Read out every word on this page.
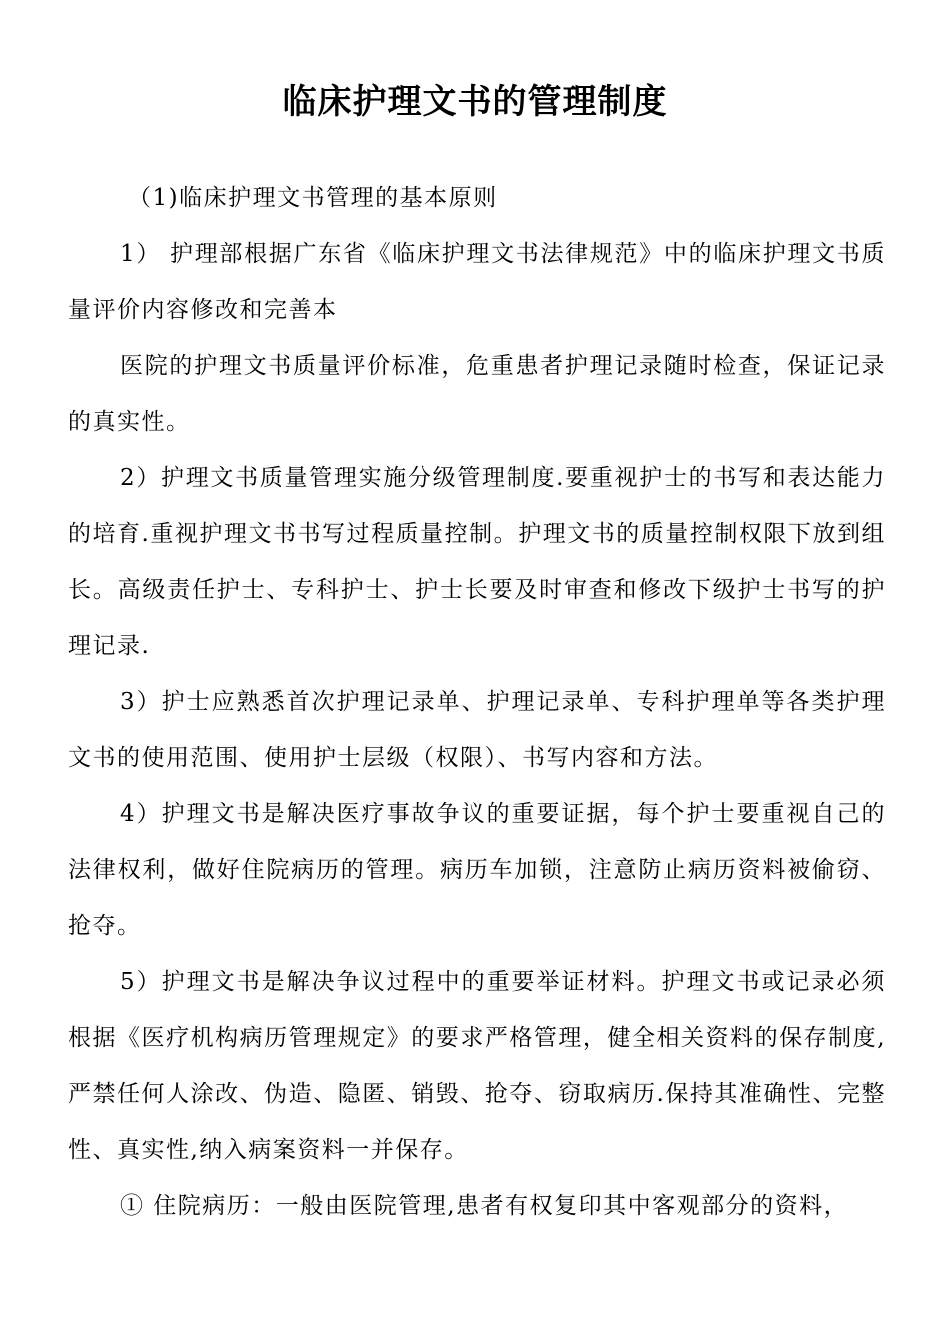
临床护理文书的管理制度

（1)临床护理文书管理的基本原则

1） 护理部根据广东省《临床护理文书法律规范》中的临床护理文书质量评价内容修改和完善本

医院的护理文书质量评价标准，危重患者护理记录随时检查，保证记录的真实性。

2）护理文书质量管理实施分级管理制度.要重视护士的书写和表达能力的培育.重视护理文书书写过程质量控制。护理文书的质量控制权限下放到组长。高级责任护士、专科护士、护士长要及时审查和修改下级护士书写的护理记录.

3）护士应熟悉首次护理记录单、护理记录单、专科护理单等各类护理文书的使用范围、使用护士层级（权限）、书写内容和方法。

4）护理文书是解决医疗事故争议的重要证据，每个护士要重视自己的法律权利，做好住院病历的管理。病历车加锁，注意防止病历资料被偷窃、抢夺。

5）护理文书是解决争议过程中的重要举证材料。护理文书或记录必须根据《医疗机构病历管理规定》的要求严格管理，健全相关资料的保存制度,严禁任何人涂改、伪造、隐匿、销毁、抢夺、窃取病历.保持其准确性、完整性、真实性,纳入病案资料一并保存。

① 住院病历：一般由医院管理,患者有权复印其中客观部分的资料，
